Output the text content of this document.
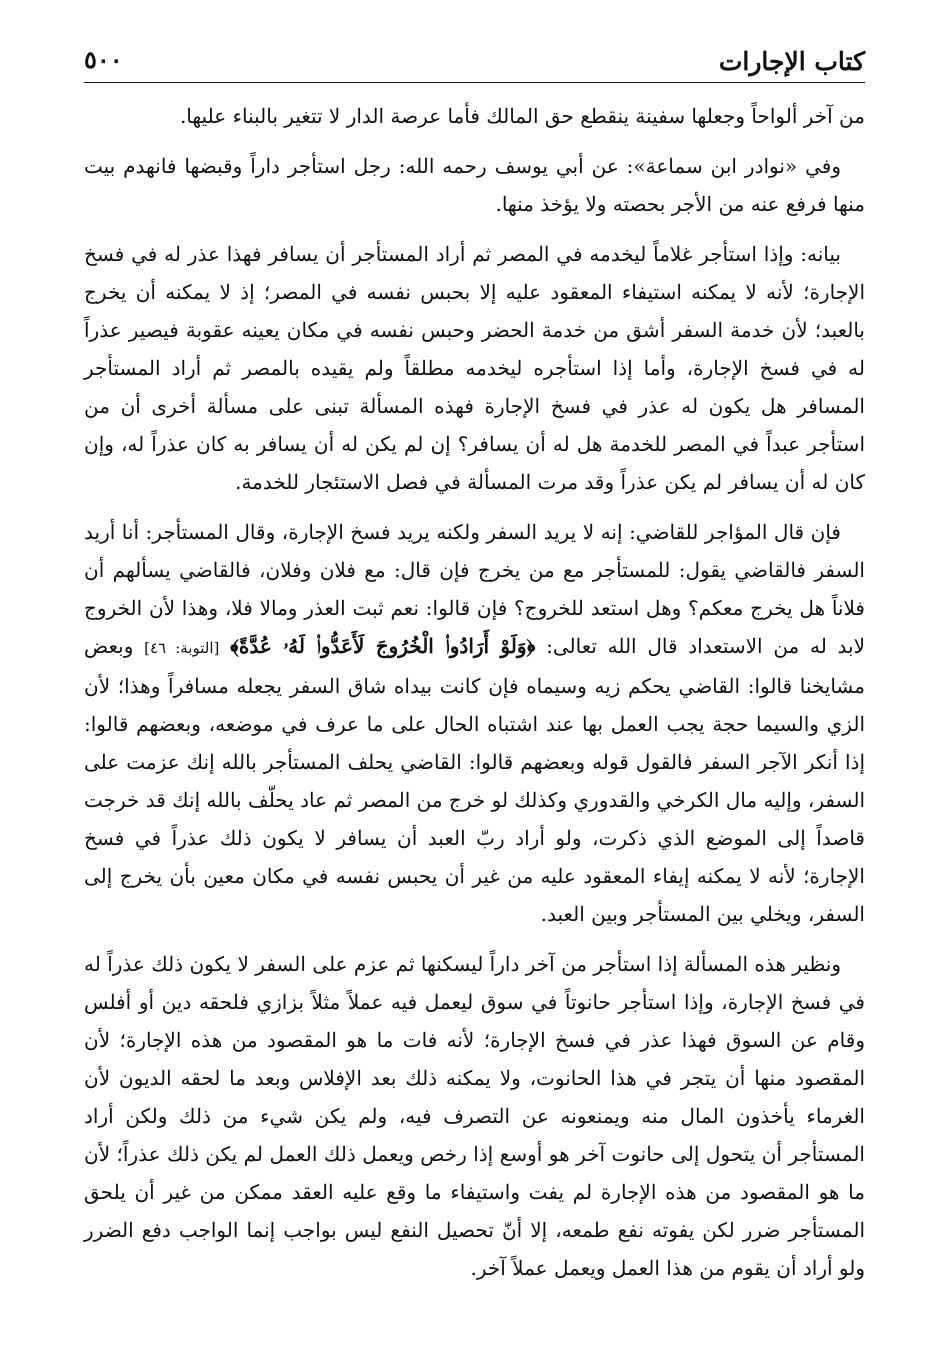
كتاب الإجارات
٥٠٠

من آخر ألواحاً وجعلها سفينة ينقطع حق المالك فأما عرصة الدار لا تتغير بالبناء عليها.

وفي «نوادر ابن سماعة»: عن أبي يوسف رحمه الله: رجل استأجر داراً وقبضها فانهدم بيت منها فرفع عنه من الأجر بحصته ولا يؤخذ منها.

بيانه: وإذا استأجر غلاماً ليخدمه في المصر ثم أراد المستأجر أن يسافر فهذا عذر له في فسخ الإجارة؛ لأنه لا يمكنه استيفاء المعقود عليه إلا بحبس نفسه في المصر؛ إذ لا يمكنه أن يخرج بالعبد؛ لأن خدمة السفر أشق من خدمة الحضر وحبس نفسه في مكان يعينه عقوبة فيصير عذراً له في فسخ الإجارة، وأما إذا استأجره ليخدمه مطلقاً ولم يقيده بالمصر ثم أراد المستأجر المسافر هل يكون له عذر في فسخ الإجارة فهذه المسألة تبنى على مسألة أخرى أن من استأجر عبداً في المصر للخدمة هل له أن يسافر؟ إن لم يكن له أن يسافر به كان عذراً له، وإن كان له أن يسافر لم يكن عذراً وقد مرت المسألة في فصل الاستئجار للخدمة.

فإن قال المؤاجر للقاضي: إنه لا يريد السفر ولكنه يريد فسخ الإجارة، وقال المستأجر: أنا أريد السفر فالقاضي يقول: للمستأجر مع من يخرج فإن قال: مع فلان وفلان، فالقاضي يسألهم أن فلاناً هل يخرج معكم؟ وهل استعد للخروج؟ فإن قالوا: نعم ثبت العذر ومالا فلا، وهذا لأن الخروج لابد له من الاستعداد قال الله تعالى: ﴿وَلَوْ أَرَادُوا۟ الْخُرُوجَ لَأَعَدُّوا۟ لَهُۥ عُدَّةً﴾ [التوبة: ٤٦] وبعض مشايخنا قالوا: القاضي يحكم زيه وسيماه فإن كانت بيداه شاق السفر يجعله مسافراً وهذا؛ لأن الزي والسيما حجة يجب العمل بها عند اشتباه الحال على ما عرف في موضعه، وبعضهم قالوا: إذا أنكر الآجر السفر فالقول قوله وبعضهم قالوا: القاضي يحلف المستأجر بالله إنك عزمت على السفر، وإليه مال الكرخي والقدوري وكذلك لو خرج من المصر ثم عاد يحلّف بالله إنك قد خرجت قاصداً إلى الموضع الذي ذكرت، ولو أراد ربّ العبد أن يسافر لا يكون ذلك عذراً في فسخ الإجارة؛ لأنه لا يمكنه إيفاء المعقود عليه من غير أن يحبس نفسه في مكان معين بأن يخرج إلى السفر، ويخلي بين المستأجر وبين العبد.

ونظير هذه المسألة إذا استأجر من آخر داراً ليسكنها ثم عزم على السفر لا يكون ذلك عذراً له في فسخ الإجارة، وإذا استأجر حانوتاً في سوق ليعمل فيه عملاً مثلاً بزازي فلحقه دين أو أفلس وقام عن السوق فهذا عذر في فسخ الإجارة؛ لأنه فات ما هو المقصود من هذه الإجارة؛ لأن المقصود منها أن يتجر في هذا الحانوت، ولا يمكنه ذلك بعد الإفلاس وبعد ما لحقه الديون لأن الغرماء يأخذون المال منه ويمنعونه عن التصرف فيه، ولم يكن شيء من ذلك ولكن أراد المستأجر أن يتحول إلى حانوت آخر هو أوسع إذا رخص ويعمل ذلك العمل لم يكن ذلك عذراً؛ لأن ما هو المقصود من هذه الإجارة لم يفت واستيفاء ما وقع عليه العقد ممكن من غير أن يلحق المستأجر ضرر لكن يفوته نفع طمعه، إلا أنّ تحصيل النفع ليس بواجب إنما الواجب دفع الضرر ولو أراد أن يقوم من هذا العمل ويعمل عملاً آخر.
